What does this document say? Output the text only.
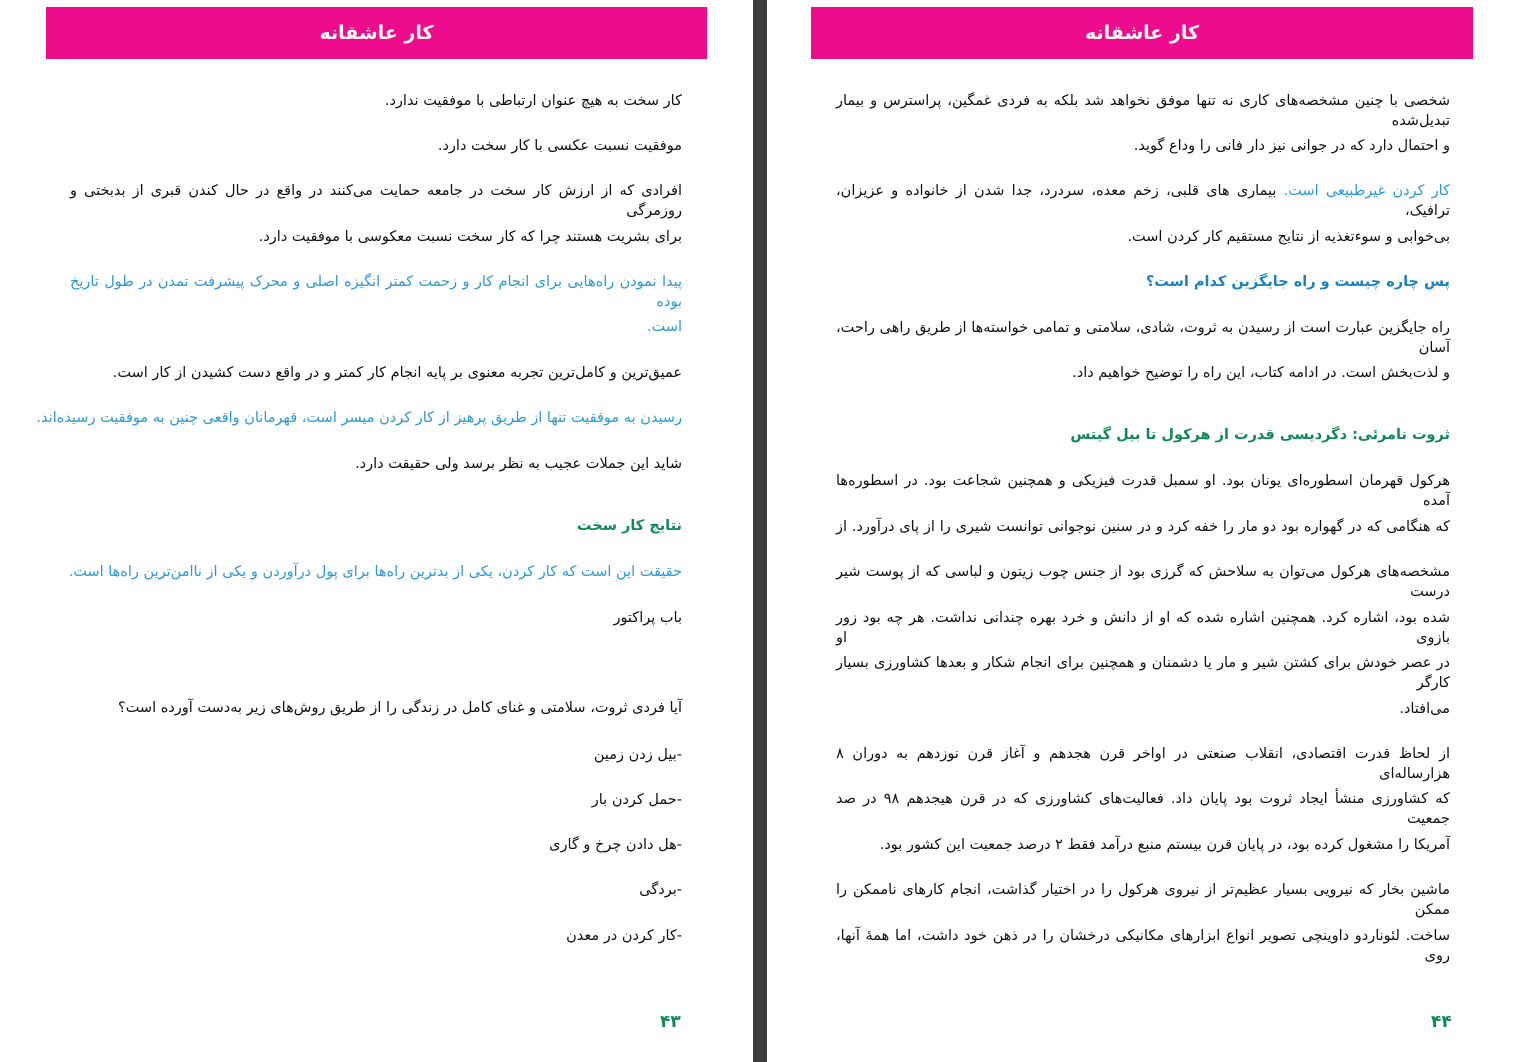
کار عاشقانه
کار سخت به هیچ عنوان ارتباطی با موفقیت ندارد.
موفقیت نسبت عکسی با کار سخت دارد.
افرادی که از ارزش کار سخت در جامعه حمایت می‌کنند در واقع در حال کندن قبری از بدبختی و روزمرگی
برای بشریت هستند چرا که کار سخت نسبت معکوسی با موفقیت دارد.
پیدا نمودن راه‌هایی برای انجام کار و زحمت کمتر انگیزه اصلی و محرک پیشرفت تمدن در طول تاریخ بوده
است.
عمیق‌ترین و کامل‌ترین تجربه معنوی بر پایه انجام کار کمتر و در واقع دست کشیدن از کار است.
رسیدن به موفقیت تنها از طریق پرهیز از کار کردن میسر است، قهرمانان واقعی چنین به موفقیت رسیده‌اند.
شاید این جملات عجیب به نظر برسد ولی حقیقت دارد.
نتایج کار سخت
حقیقت این است که کار کردن، یکی از بدترین راه‌ها برای پول درآوردن و یکی از ناامن‌ترین راه‌ها است.
باب پراکتور
آیا فردی ثروت، سلامتی و غنای کامل در زندگی را از طریق روش‌های زیر به‌دست آورده است؟
-بیل زدن زمین
-حمل کردن بار
-هل دادن چرخ و گاری
-بردگی
-کار کردن در معدن
۴۳
کار عاشقانه
شخصی با چنین مشخصه‌های کاری نه تنها موفق نخواهد شد بلکه به فردی غمگین، پراسترس و بیمار تبدیل‌شده
و احتمال دارد که در جوانی نیز دار فانی را وداع گوید.
کار کردن غیرطبیعی است. بیماری های قلبی، زخم معده، سردرد، جدا شدن از خانواده و عزیزان، ترافیک،
بی‌خوابی و سوءتغذیه از نتایج مستقیم کار کردن است.
پس چاره چیست و راه جایگزین کدام است؟
راه جایگزین عبارت است از رسیدن به ثروت، شادی، سلامتی و تمامی خواسته‌ها از طریق راهی راحت، آسان
و لذت‌بخش است. در ادامه کتاب، این راه را توضیح خواهیم داد.
ثروت نامرئی: دگردیسی قدرت از هرکول تا بیل گیتس
هرکول قهرمان اسطوره‌ای یونان بود. او سمبل قدرت فیزیکی و همچنین شجاعت بود. در اسطوره‌ها آمده
که هنگامی که در گهواره بود دو مار را خفه کرد و در سنین نوجوانی توانست شیری را از پای درآورد. از
مشخصه‌های هرکول می‌توان به سلاحش که گرزی بود از جنس چوب زیتون و لباسی که از پوست شیر درست
شده بود، اشاره کرد. همچنین اشاره شده که او از دانش و خرد بهره چندانی نداشت. هر چه بود زور بازوی او
در عصر خودش برای کشتن شیر و مار یا دشمنان و همچنین برای انجام شکار و بعدها کشاورزی بسیار کارگر
می‌افتاد.
از لحاظ قدرت اقتصادی، انقلاب صنعتی در اواخر قرن هجدهم و آغاز قرن نوزدهم به دوران ۸ هزارساله‌ای
که کشاورزی منشأ ایجاد ثروت بود پایان داد. فعالیت‌های کشاورزی که در قرن هیجدهم ۹۸ در صد جمعیت
آمریکا را مشغول کرده بود، در پایان قرن بیستم منبع درآمد فقط ۲ درصد جمعیت این کشور بود.
ماشین بخار که نیرویی بسیار عظیم‌تر از نیروی هرکول را در اختیار گذاشت، انجام کارهای ناممکن را ممکن
ساخت. لئوناردو داوینچی تصویر انواع ابزارهای مکانیکی درخشان را در ذهن خود داشت، اما همهٔ آنها، روی
۴۴
